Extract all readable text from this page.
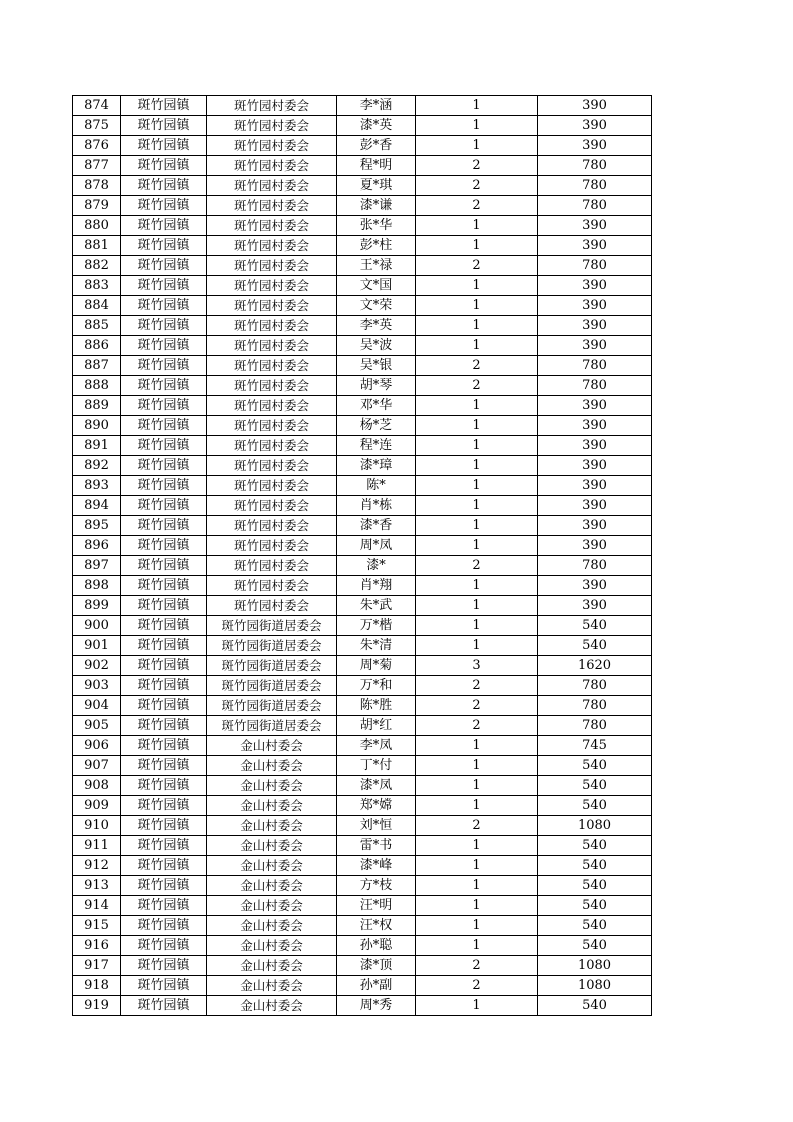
874	斑竹园镇	斑竹园村委会	李*涵	1	390
875	斑竹园镇	斑竹园村委会	漆*英	1	390
876	斑竹园镇	斑竹园村委会	彭*香	1	390
877	斑竹园镇	斑竹园村委会	程*明	2	780
878	斑竹园镇	斑竹园村委会	夏*琪	2	780
879	斑竹园镇	斑竹园村委会	漆*谦	2	780
880	斑竹园镇	斑竹园村委会	张*华	1	390
881	斑竹园镇	斑竹园村委会	彭*柱	1	390
882	斑竹园镇	斑竹园村委会	王*禄	2	780
883	斑竹园镇	斑竹园村委会	文*国	1	390
884	斑竹园镇	斑竹园村委会	文*荣	1	390
885	斑竹园镇	斑竹园村委会	李*英	1	390
886	斑竹园镇	斑竹园村委会	吴*波	1	390
887	斑竹园镇	斑竹园村委会	吴*银	2	780
888	斑竹园镇	斑竹园村委会	胡*琴	2	780
889	斑竹园镇	斑竹园村委会	邓*华	1	390
890	斑竹园镇	斑竹园村委会	杨*芝	1	390
891	斑竹园镇	斑竹园村委会	程*连	1	390
892	斑竹园镇	斑竹园村委会	漆*璋	1	390
893	斑竹园镇	斑竹园村委会	陈*	1	390
894	斑竹园镇	斑竹园村委会	肖*栋	1	390
895	斑竹园镇	斑竹园村委会	漆*香	1	390
896	斑竹园镇	斑竹园村委会	周*凤	1	390
897	斑竹园镇	斑竹园村委会	漆*	2	780
898	斑竹园镇	斑竹园村委会	肖*翔	1	390
899	斑竹园镇	斑竹园村委会	朱*武	1	390
900	斑竹园镇	斑竹园街道居委会	万*楷	1	540
901	斑竹园镇	斑竹园街道居委会	朱*清	1	540
902	斑竹园镇	斑竹园街道居委会	周*菊	3	1620
903	斑竹园镇	斑竹园街道居委会	万*和	2	780
904	斑竹园镇	斑竹园街道居委会	陈*胜	2	780
905	斑竹园镇	斑竹园街道居委会	胡*红	2	780
906	斑竹园镇	金山村委会	李*凤	1	745
907	斑竹园镇	金山村委会	丁*付	1	540
908	斑竹园镇	金山村委会	漆*凤	1	540
909	斑竹园镇	金山村委会	郑*嫦	1	540
910	斑竹园镇	金山村委会	刘*恒	2	1080
911	斑竹园镇	金山村委会	雷*书	1	540
912	斑竹园镇	金山村委会	漆*峰	1	540
913	斑竹园镇	金山村委会	方*枝	1	540
914	斑竹园镇	金山村委会	汪*明	1	540
915	斑竹园镇	金山村委会	汪*权	1	540
916	斑竹园镇	金山村委会	孙*聪	1	540
917	斑竹园镇	金山村委会	漆*顶	2	1080
918	斑竹园镇	金山村委会	孙*副	2	1080
919	斑竹园镇	金山村委会	周*秀	1	540
